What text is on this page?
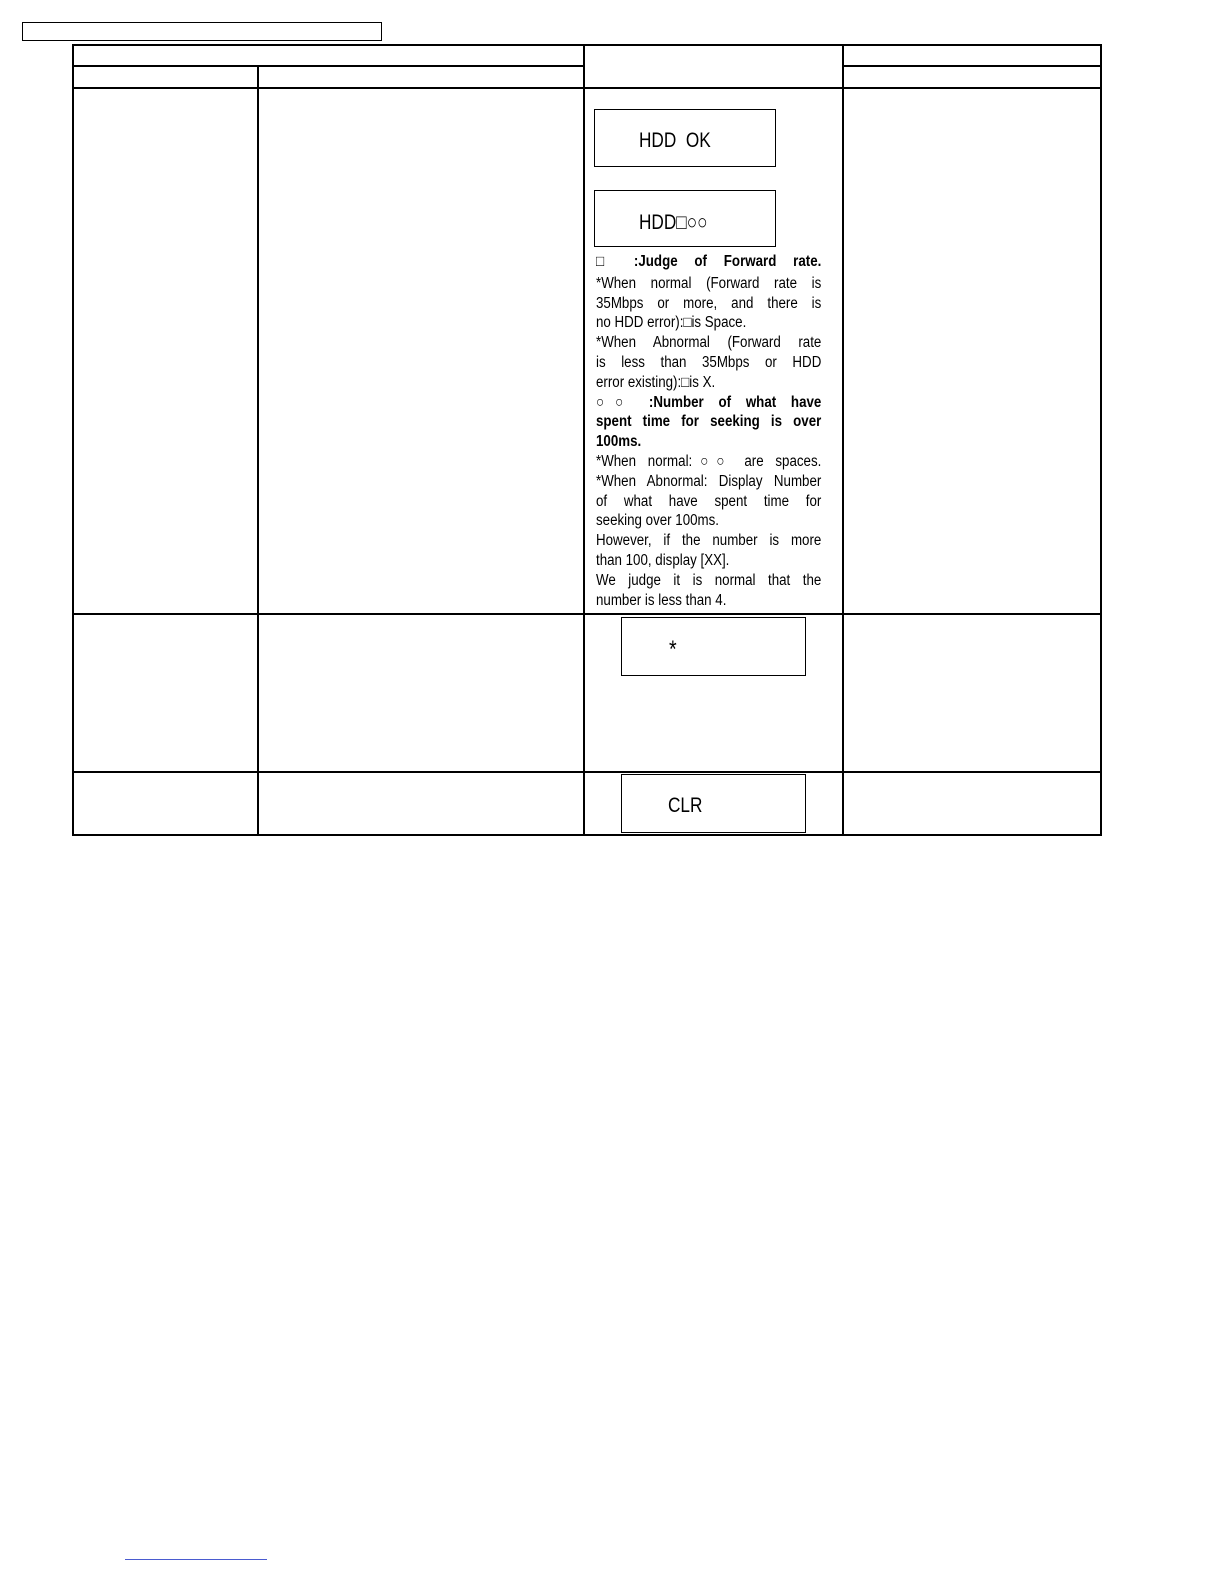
HDD  OK
HDD□○○
□ :Judge of Forward rate.
*When normal (Forward rate is
35Mbps or more, and there is
no HDD error):□is Space.
*When Abnormal (Forward rate
is less than 35Mbps or HDD
error existing):□is X.
○○ :Number of what have
spent time for seeking is over
100ms.
*When normal:○○ are spaces.
*When Abnormal: Display Number
of what have spent time for
seeking over 100ms.
However, if the number is more
than 100, display [XX].
We judge it is normal that the
number is less than 4.
*
CLR
